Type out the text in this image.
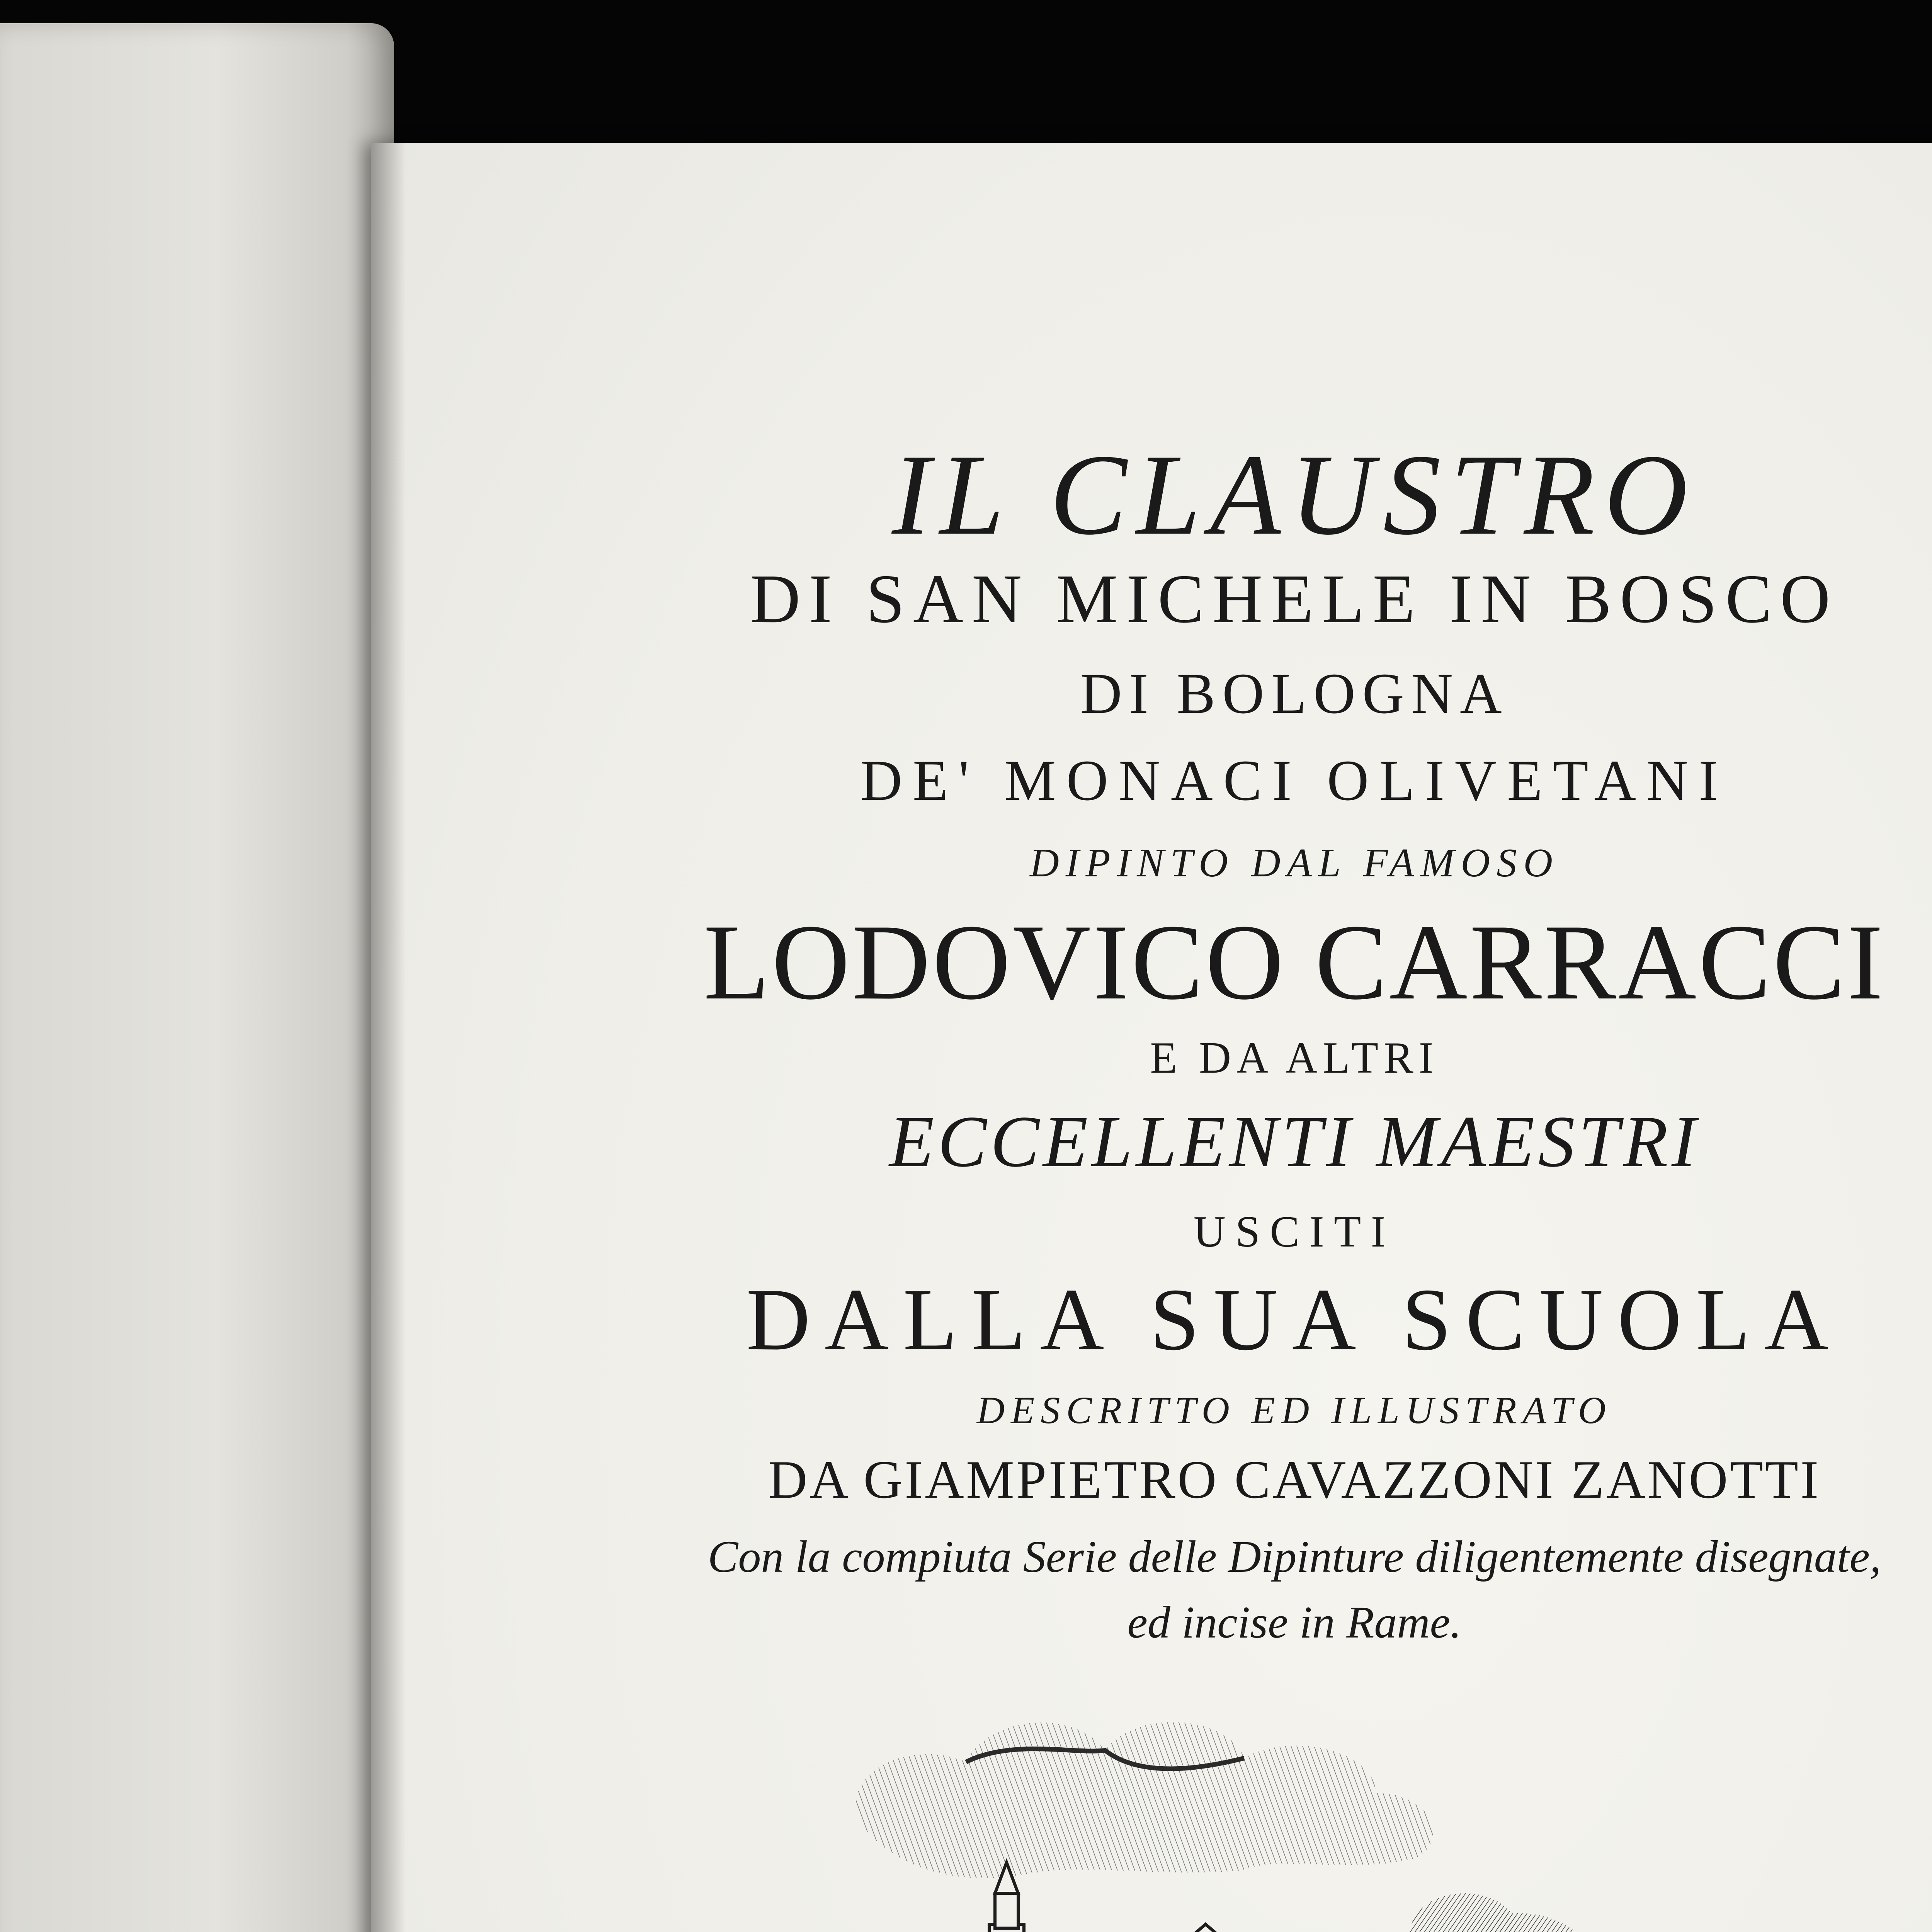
IL CLAUSTRO
DI SAN MICHELE IN BOSCO
DI BOLOGNA
DE' MONACI OLIVETANI
DIPINTO DAL FAMOSO
LODOVICO CARRACCI
E DA ALTRI
ECCELLENTI MAESTRI
USCITI
DALLA SUA SCUOLA
DESCRITTO ED ILLUSTRATO
DA GIAMPIETRO CAVAZZONI ZANOTTI
Con la compiuta Serie delle Dipinture diligentemente disegnate,
ed incise in Rame.
